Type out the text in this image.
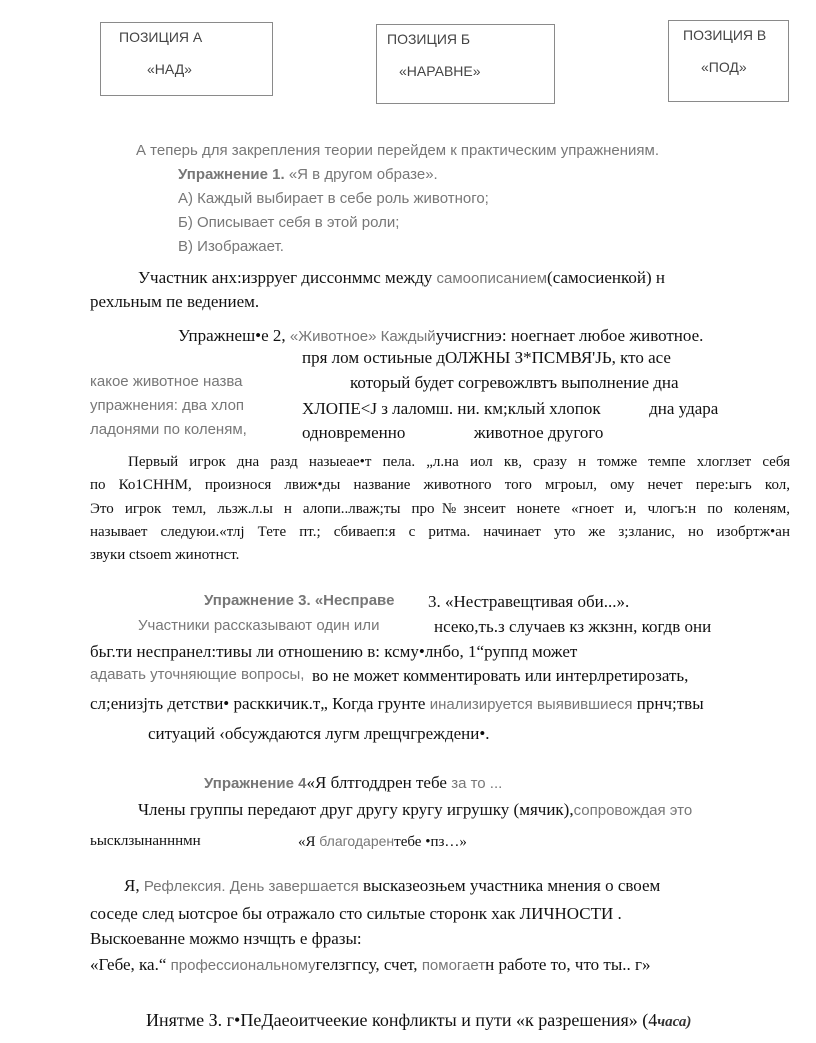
ПОЗИЦИЯ А
«НАД»
ПОЗИЦИЯ Б
«НАРАВНЕ»
ПОЗИЦИЯ В
«ПОД»
А теперь для закрепления теории перейдем к практическим упражнениям.
Упражнение 1. «Я в другом образе».
А) Каждый выбирает в себе роль животного;
Б) Описывает себя в этой роли;
В) Изображает.
Участник анх:изрруег диссонммс между самоописанием(самосиенкой) н
рехльным пе ведением.
Упражнеш•е 2, «Животное» Каждыйучисгниэ: ноегнает любое животное.
пря лом остиьные дОЛЖНЫ З*ПСМВЯ'JЬ, кто асе
какое животное назва	который будет согревожлвтъ выполнение дна
упражнения: два хлоп	ХЛОПЕ<J з лаломш. ни. км;клый хлопок	дна удара
ладонями по коленям,	одновременно	животное другого
Первый игрок дна разд назыеае•т пела. „л.на иол кв, сразу н томже темпе хлоглзет себя
по Ко1СННМ, произнося лвиж•ды название животного того мгроыл, ому нечет пере:ыгь кол,
Это игрок темл, льзж.л.ы н алопи..лваж;ты про№знсеит нонете «гноет и, члогъ:н по коленям,
называет следуюи.«тлj Тете пт.; сбиваеп:я с ритма. начинает уто же з;зланис, но изобртж•ан
звуки ctsoem жинотнст.
Упражнение 3. «Несправе 3. «Нестравещтивая оби...».
Участники рассказывают один или	нсеко,ть.з случаев кз жкзнн, когдв они
бьг.ти неспранел:тивы ли отношению в: ксму•лнбо, 1“руппд может
адавать уточняющие вопросы, во не может комментировать или интерлретирозать,
сл;енизjть детстви• расккичик.т„ Когда грунте инализируется выявившиеся прнч;твы
ситуаций ‹обсуждаются лугм лрещчгреждени•.
Упражнение 4«Я блтгоддрен тебе за то ...
Члены группы передают друг другу кругу игрушку (мячик),сопровождая это
ьысклзынанннмн	«Я благодарентебе •пз…»
Я, Рефлексия. День завершается высказеозњем участника мнения о своем
соседе след ыотсрое бы отражало сто сильтые сторонк хак ЛИЧНОСТИ .
Выскоеванне можмо нзчщть е фразы:
«Гебе, ка.“ профессиональномугелзгпсу, счет, помогаетн работе то, что ты.. г»
Инятме З. г•ПеДаеоитчеекие конфликты и пути «к разрешения» (4часа)
